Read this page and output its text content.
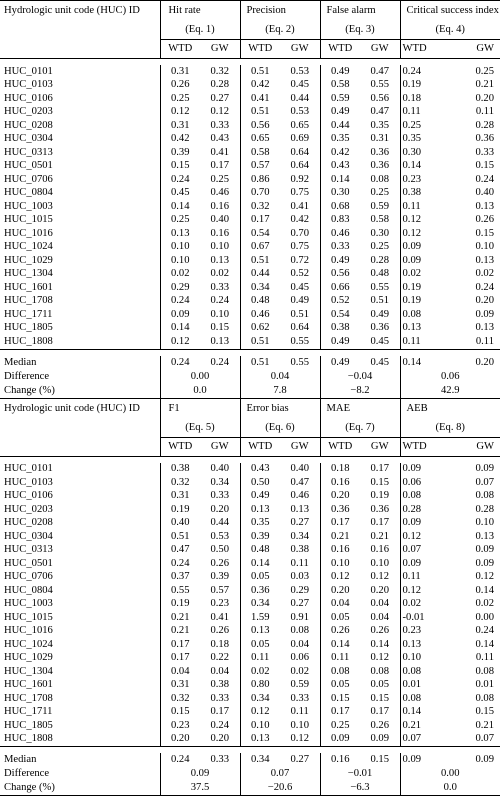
Hydrologic unit code (HUC) ID	Hit rate		Precision		False alarm		Critical success index	
	(Eq. 1)		(Eq. 2)		(Eq. 3)		(Eq. 4)	
	WTD	GW	WTD	GW	WTD	GW	WTD	GW

HUC_0101	0.31	0.32	0.51	0.53	0.49	0.47	0.24	0.25
HUC_0103	0.26	0.28	0.42	0.45	0.58	0.55	0.19	0.21
HUC_0106	0.25	0.27	0.41	0.44	0.59	0.56	0.18	0.20
HUC_0203	0.12	0.12	0.51	0.53	0.49	0.47	0.11	0.11
HUC_0208	0.31	0.33	0.56	0.65	0.44	0.35	0.25	0.28
HUC_0304	0.42	0.43	0.65	0.69	0.35	0.31	0.35	0.36
HUC_0313	0.39	0.41	0.58	0.64	0.42	0.36	0.30	0.33
HUC_0501	0.15	0.17	0.57	0.64	0.43	0.36	0.14	0.15
HUC_0706	0.24	0.25	0.86	0.92	0.14	0.08	0.23	0.24
HUC_0804	0.45	0.46	0.70	0.75	0.30	0.25	0.38	0.40
HUC_1003	0.14	0.16	0.32	0.41	0.68	0.59	0.11	0.13
HUC_1015	0.25	0.40	0.17	0.42	0.83	0.58	0.12	0.26
HUC_1016	0.13	0.16	0.54	0.70	0.46	0.30	0.12	0.15
HUC_1024	0.10	0.10	0.67	0.75	0.33	0.25	0.09	0.10
HUC_1029	0.10	0.13	0.51	0.72	0.49	0.28	0.09	0.13
HUC_1304	0.02	0.02	0.44	0.52	0.56	0.48	0.02	0.02
HUC_1601	0.29	0.33	0.34	0.45	0.66	0.55	0.19	0.24
HUC_1708	0.24	0.24	0.48	0.49	0.52	0.51	0.19	0.20
HUC_1711	0.09	0.10	0.46	0.51	0.54	0.49	0.08	0.09
HUC_1805	0.14	0.15	0.62	0.64	0.38	0.36	0.13	0.13
HUC_1808	0.12	0.13	0.51	0.55	0.49	0.45	0.11	0.11

Median	0.24	0.24	0.51	0.55	0.49	0.45	0.14	0.20
Difference	0.00		0.04		−0.04		0.06	
Change (%)	0.0		7.8		−8.2		42.9	
Hydrologic unit code (HUC) ID	F1		Error bias		MAE		AEB	
	(Eq. 5)		(Eq. 6)		(Eq. 7)		(Eq. 8)	
	WTD	GW	WTD	GW	WTD	GW	WTD	GW

HUC_0101	0.38	0.40	0.43	0.40	0.18	0.17	0.09	0.09
HUC_0103	0.32	0.34	0.50	0.47	0.16	0.15	0.06	0.07
HUC_0106	0.31	0.33	0.49	0.46	0.20	0.19	0.08	0.08
HUC_0203	0.19	0.20	0.13	0.13	0.36	0.36	0.28	0.28
HUC_0208	0.40	0.44	0.35	0.27	0.17	0.17	0.09	0.10
HUC_0304	0.51	0.53	0.39	0.34	0.21	0.21	0.12	0.13
HUC_0313	0.47	0.50	0.48	0.38	0.16	0.16	0.07	0.09
HUC_0501	0.24	0.26	0.14	0.11	0.10	0.10	0.09	0.09
HUC_0706	0.37	0.39	0.05	0.03	0.12	0.12	0.11	0.12
HUC_0804	0.55	0.57	0.36	0.29	0.20	0.20	0.12	0.14
HUC_1003	0.19	0.23	0.34	0.27	0.04	0.04	0.02	0.02
HUC_1015	0.21	0.41	1.59	0.91	0.05	0.04	-0.01	0.00
HUC_1016	0.21	0.26	0.13	0.08	0.26	0.26	0.23	0.24
HUC_1024	0.17	0.18	0.05	0.04	0.14	0.14	0.13	0.14
HUC_1029	0.17	0.22	0.11	0.06	0.11	0.12	0.10	0.11
HUC_1304	0.04	0.04	0.02	0.02	0.08	0.08	0.08	0.08
HUC_1601	0.31	0.38	0.80	0.59	0.05	0.05	0.01	0.01
HUC_1708	0.32	0.33	0.34	0.33	0.15	0.15	0.08	0.08
HUC_1711	0.15	0.17	0.12	0.11	0.17	0.17	0.14	0.15
HUC_1805	0.23	0.24	0.10	0.10	0.25	0.26	0.21	0.21
HUC_1808	0.20	0.20	0.13	0.12	0.09	0.09	0.07	0.07

Median	0.24	0.33	0.34	0.27	0.16	0.15	0.09	0.09
Difference	0.09		0.07		−0.01		0.00	
Change (%)	37.5		−20.6		−6.3		0.0	
